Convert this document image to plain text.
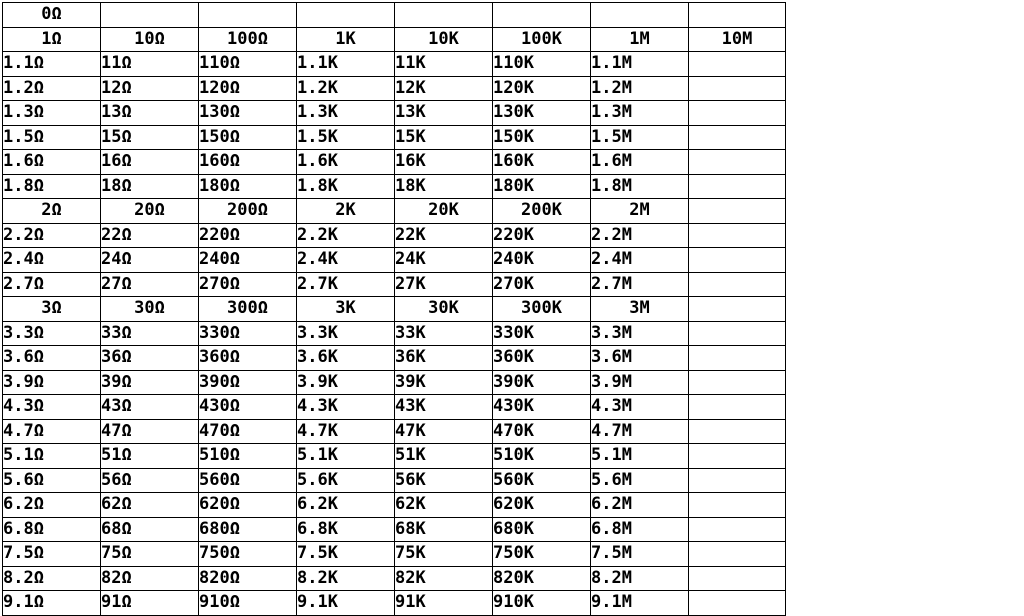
0Ω							
1Ω	10Ω	100Ω	1K	10K	100K	1M	10M
1.1Ω	11Ω	110Ω	1.1K	11K	110K	1.1M	
1.2Ω	12Ω	120Ω	1.2K	12K	120K	1.2M	
1.3Ω	13Ω	130Ω	1.3K	13K	130K	1.3M	
1.5Ω	15Ω	150Ω	1.5K	15K	150K	1.5M	
1.6Ω	16Ω	160Ω	1.6K	16K	160K	1.6M	
1.8Ω	18Ω	180Ω	1.8K	18K	180K	1.8M	
2Ω	20Ω	200Ω	2K	20K	200K	2M	
2.2Ω	22Ω	220Ω	2.2K	22K	220K	2.2M	
2.4Ω	24Ω	240Ω	2.4K	24K	240K	2.4M	
2.7Ω	27Ω	270Ω	2.7K	27K	270K	2.7M	
3Ω	30Ω	300Ω	3K	30K	300K	3M	
3.3Ω	33Ω	330Ω	3.3K	33K	330K	3.3M	
3.6Ω	36Ω	360Ω	3.6K	36K	360K	3.6M	
3.9Ω	39Ω	390Ω	3.9K	39K	390K	3.9M	
4.3Ω	43Ω	430Ω	4.3K	43K	430K	4.3M	
4.7Ω	47Ω	470Ω	4.7K	47K	470K	4.7M	
5.1Ω	51Ω	510Ω	5.1K	51K	510K	5.1M	
5.6Ω	56Ω	560Ω	5.6K	56K	560K	5.6M	
6.2Ω	62Ω	620Ω	6.2K	62K	620K	6.2M	
6.8Ω	68Ω	680Ω	6.8K	68K	680K	6.8M	
7.5Ω	75Ω	750Ω	7.5K	75K	750K	7.5M	
8.2Ω	82Ω	820Ω	8.2K	82K	820K	8.2M	
9.1Ω	91Ω	910Ω	9.1K	91K	910K	9.1M	
